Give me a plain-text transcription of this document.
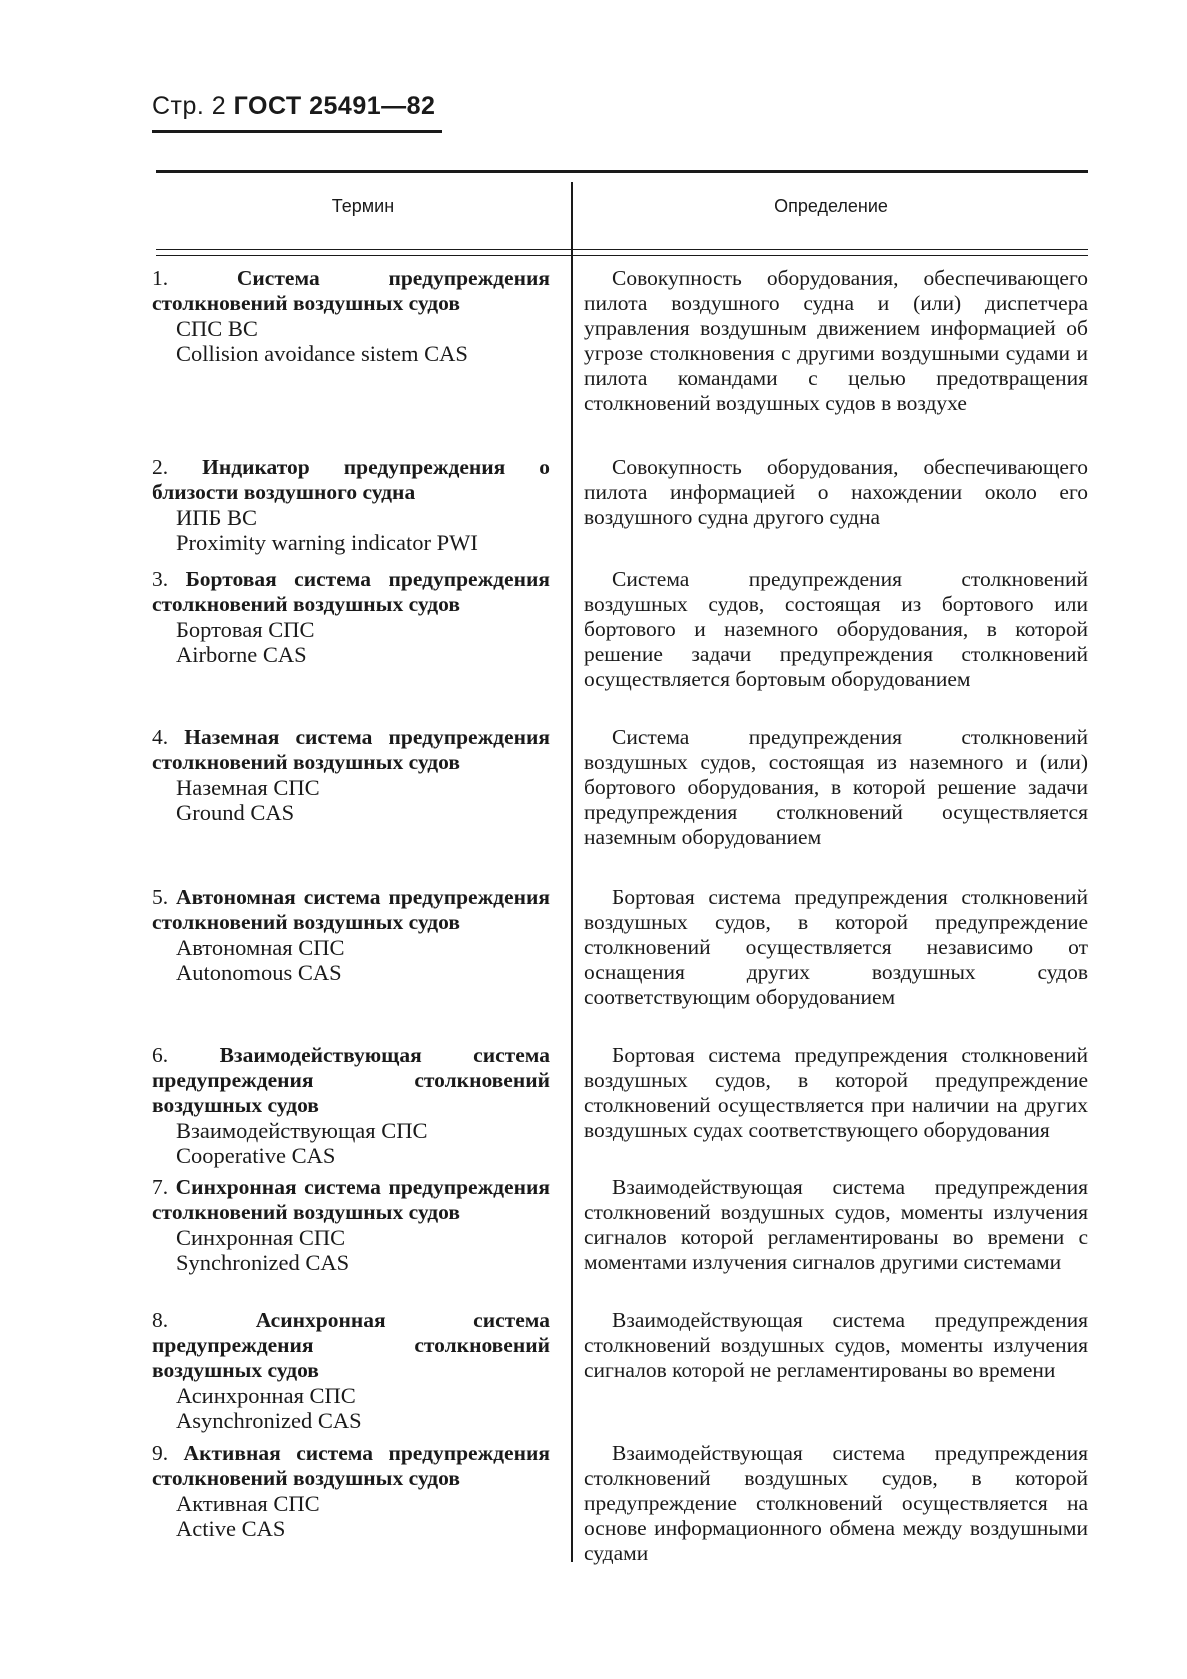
Стр. 2 ГОСТ 25491—82
Термин	Определение
1.	Система предупреждения столкновений воздушных судов
СПС ВС
Collision avoidance sistem CAS
Совокупность оборудования, обеспечивающего пилота воздушного судна и (или) диспетчера управления воздушным движением информацией об угрозе столкновения с другими воздушными судами и пилота командами с целью предотвращения столкновений воздушных судов в воздухе
2. Индикатор предупреждения о близости воздушного судна
ИПБ ВС
Proximity warning indicator PWI
Совокупность оборудования, обеспечивающего пилота информацией о нахождении около его воздушного судна другого судна
3. Бортовая система предупреждения столкновений воздушных судов
Бортовая СПС
Airborne CAS
Система предупреждения столкновений воздушных судов, состоящая из бортового или бортового и наземного оборудования, в которой решение задачи предупреждения столкновений осуществляется бортовым оборудованием
4. Наземная система предупреждения столкновений воздушных судов
Наземная СПС
Ground CAS
Система предупреждения столкновений воздушных судов, состоящая из наземного и (или) бортового оборудования, в которой решение задачи предупреждения столкновений осуществляется наземным оборудованием
5. Автономная система предупреждения столкновений воздушных судов
Автономная СПС
Autonomous CAS
Бортовая система предупреждения столкновений воздушных судов, в которой предупреждение столкновений осуществляется независимо от оснащения других воздушных судов соответствующим оборудованием
6. Взаимодействующая система предупреждения столкновений воздушных судов
Взаимодействующая СПС
Cooperative CAS
Бортовая система предупреждения столкновений воздушных судов, в которой предупреждение столкновений осуществляется при наличии на других воздушных судах соответствующего оборудования
7. Синхронная система предупреждения столкновений воздушных судов
Синхронная СПС
Synchronized CAS
Взаимодействующая система предупреждения столкновений воздушных судов, моменты излучения сигналов которой регламентированы во времени с моментами излучения сигналов другими системами
8.	Асинхронная система предупреждения столкновений воздушных судов
Асинхронная СПС
Asynchronized CAS
Взаимодействующая система предупреждения столкновений воздушных судов, моменты излучения сигналов которой не регламентированы во времени
9. Активная система предупреждения столкновений воздушных судов
Активная СПС
Active CAS
Взаимодействующая система предупреждения столкновений воздушных судов, в которой предупреждение столкновений осуществляется на основе информационного обмена между воздушными судами
